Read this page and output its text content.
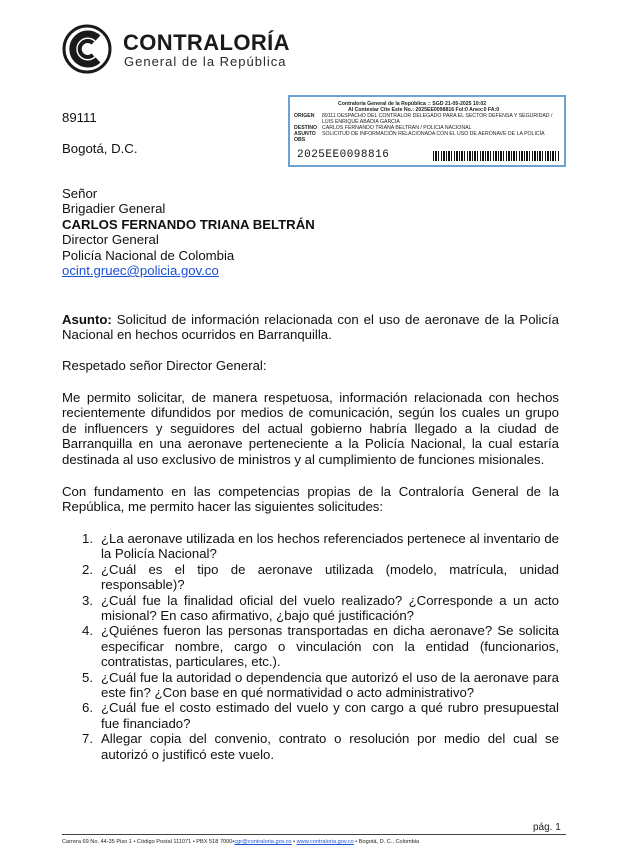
CONTRALORÍA
General de la República
Contraloría General de la República :: SGD 21-05-2025 10:02
Al Contestar Cite Este No.: 2025EE0098816 Fol:0 Anex:0 FA:0
ORIGEN 89111 DESPACHO DEL CONTRALOR DELEGADO PARA EL SECTOR DEFENSA Y SEGURIDAD /
LUIS ENRIQUE ABADIA GARCIA
DESTINO CARLOS FERNANDO TRIANA BELTRAN / POLICIA NACIONAL
ASUNTO SOLICITUD DE INFORMACIÓN RELACIONADA CON EL USO DE AERONAVE DE LA POLICÍA
OBS
2025EE0098816
89111
Bogotá, D.C.
Señor
Brigadier General
CARLOS FERNANDO TRIANA BELTRÁN
Director General
Policía Nacional de Colombia
ocint.gruec@policia.gov.co
Asunto: Solicitud de información relacionada con el uso de aeronave de la Policía Nacional en hechos ocurridos en Barranquilla.
Respetado señor Director General:
Me permito solicitar, de manera respetuosa, información relacionada con hechos recientemente difundidos por medios de comunicación, según los cuales un grupo de influencers y seguidores del actual gobierno habría llegado a la ciudad de Barranquilla en una aeronave perteneciente a la Policía Nacional, la cual estaría destinada al uso exclusivo de ministros y al cumplimiento de funciones misionales.
Con fundamento en las competencias propias de la Contraloría General de la República, me permito hacer las siguientes solicitudes:
1. ¿La aeronave utilizada en los hechos referenciados pertenece al inventario de la Policía Nacional?
2. ¿Cuál es el tipo de aeronave utilizada (modelo, matrícula, unidad responsable)?
3. ¿Cuál fue la finalidad oficial del vuelo realizado? ¿Corresponde a un acto misional? En caso afirmativo, ¿bajo qué justificación?
4. ¿Quiénes fueron las personas transportadas en dicha aeronave? Se solicita especificar nombre, cargo o vinculación con la entidad (funcionarios, contratistas, particulares, etc.).
5. ¿Cuál fue la autoridad o dependencia que autorizó el uso de la aeronave para este fin? ¿Con base en qué normatividad o acto administrativo?
6. ¿Cuál fue el costo estimado del vuelo y con cargo a qué rubro presupuestal fue financiado?
7. Allegar copia del convenio, contrato o resolución por medio del cual se autorizó o justificó este vuelo.
pág. 1
Carrera 69 No. 44-35 Piso 1 • Código Postal 111071 • PBX 518 7000•cgr@contraloria.gov.co • www.contraloria.gov.co • Bogotá, D. C., Colombia
